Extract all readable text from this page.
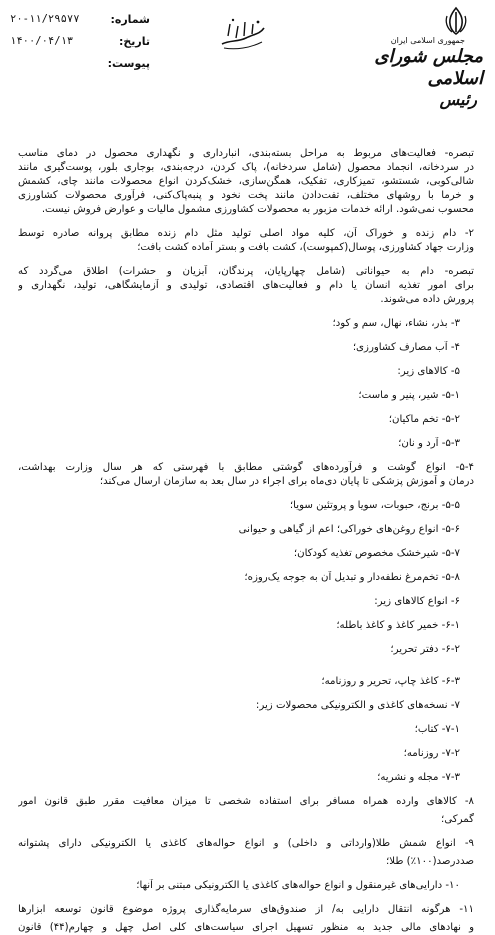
شماره:
۲۰-۱۱/۲۹۵۷۷
تاریخ:
۱۴۰۰/۰۴/۱۳
پیوست:
جمهوری اسلامی ایران
مجلس شورای اسلامی
رئیس
تبصره- فعالیت‌های مربوط به مراحل بسته‌بندی، انبارداری و نگهداری محصول در دمای مناسب
در سردخانه، انجماد محصول (شامل سردخانه)، پاک کردن، درجه‌بندی، بوجاری بلور، پوست‌گیری مانند
شالی‌کوبی، شستشو، تمیزکاری، تفکیک، همگن‌سازی، خشک‌کردن انواع محصولات مانند چای، کشمش
و خرما با روشهای مختلف، تفت‌دادن مانند پخت نخود و پنبه‌پاک‌کنی، فرآوری محصولات کشاورزی
محسوب نمی‌شود. ارائه خدمات مزبور به محصولات کشاورزی مشمول مالیات و عوارض فروش نیست.
۲- دام زنده و خوراک آن، کلیه مواد اصلی تولید مثل دام زنده مطابق پروانه صادره توسط
وزارت جهاد کشاورزی، پوسال(کمپوست)، کشت بافت و بستر آماده کشت بافت؛
تبصره- دام به حیواناتی (شامل چهارپایان، پرندگان، آبزیان و حشرات) اطلاق می‌گردد که
برای امور تغذیه انسان یا دام و فعالیت‌های اقتصادی، تولیدی و آزمایشگاهی، تولید، نگهداری و
پرورش داده می‌شوند.
۳- بذر، نشاء، نهال، سم و کود؛
۴- آب مصارف کشاورزی؛
۵- کالاهای زیر:
۵-۱- شیر، پنیر و ماست؛
۵-۲- تخم ماکیان؛
۵-۳- آرد و نان؛
۵-۴- انواع گوشت و فرآورده‌های گوشتی مطابق با فهرستی که هر سال وزارت بهداشت،
درمان و آموزش پزشکی تا پایان دی‌ماه برای اجراء در سال بعد به سازمان ارسال می‌کند؛
۵-۵- برنج، حبوبات، سویا و پروتئین سویا؛
۵-۶- انواع روغن‌های خوراکی؛ اعم از گیاهی و حیوانی
۵-۷- شیرخشک مخصوص تغذیه کودکان؛
۵-۸- تخم‌مرغ نطفه‌دار و تبدیل آن به جوجه یک‌روزه؛
۶- انواع کالاهای زیر:
۶-۱- خمیر کاغذ و کاغذ باطله؛
۶-۲- دفتر تحریر؛
۶-۳- کاغذ چاپ، تحریر و روزنامه؛
۷- نسخه‌های کاغذی و الکترونیکی محصولات زیر:
۷-۱- کتاب؛
۷-۲- روزنامه؛
۷-۳- مجله و نشریه؛
۸- کالاهای وارده همراه مسافر برای استفاده شخصی تا میزان معافیت مقرر طبق قانون امور
گمرکی؛
۹- انواع شمش طلا(وارداتی و داخلی) و انواع حواله‌های کاغذی یا الکترونیکی دارای پشتوانه
صددرصد(۱۰۰٪) طلا؛
۱۰- دارایی‌های غیرمنقول و انواع حواله‌های کاغذی یا الکترونیکی مبتنی بر آنها؛
۱۱- هرگونه انتقال دارایی به/ از صندوق‌های سرمایه‌گذاری پروژه موضوع قانون توسعه ابزارها
و نهادهای مالی جدید به منظور تسهیل اجرای سیاست‌های کلی اصل چهل و چهارم(۴۴) قانون
